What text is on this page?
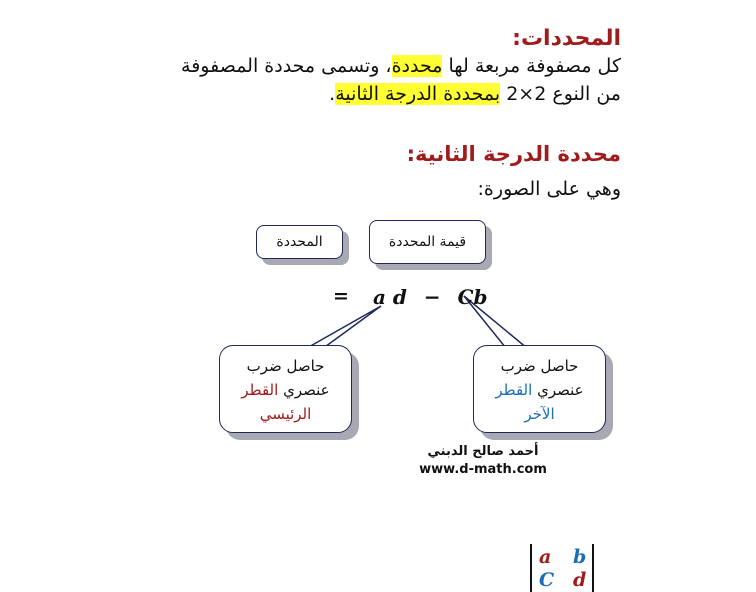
المحددات:
كل مصفوفة مربعة لها محددة، وتسمى محددة المصفوفة
من النوع 2×2 بمحددة الدرجة الثانية.
محددة الدرجة الثانية:
وهي على الصورة:
المحددة	قيمة المحددة
حاصل ضرب
عنصري القطر
الرئيسي
حاصل ضرب
عنصري القطر
الآخر
a b
C d
= a d − Cb
أحمد صالح الدبني
www.d-math.com
